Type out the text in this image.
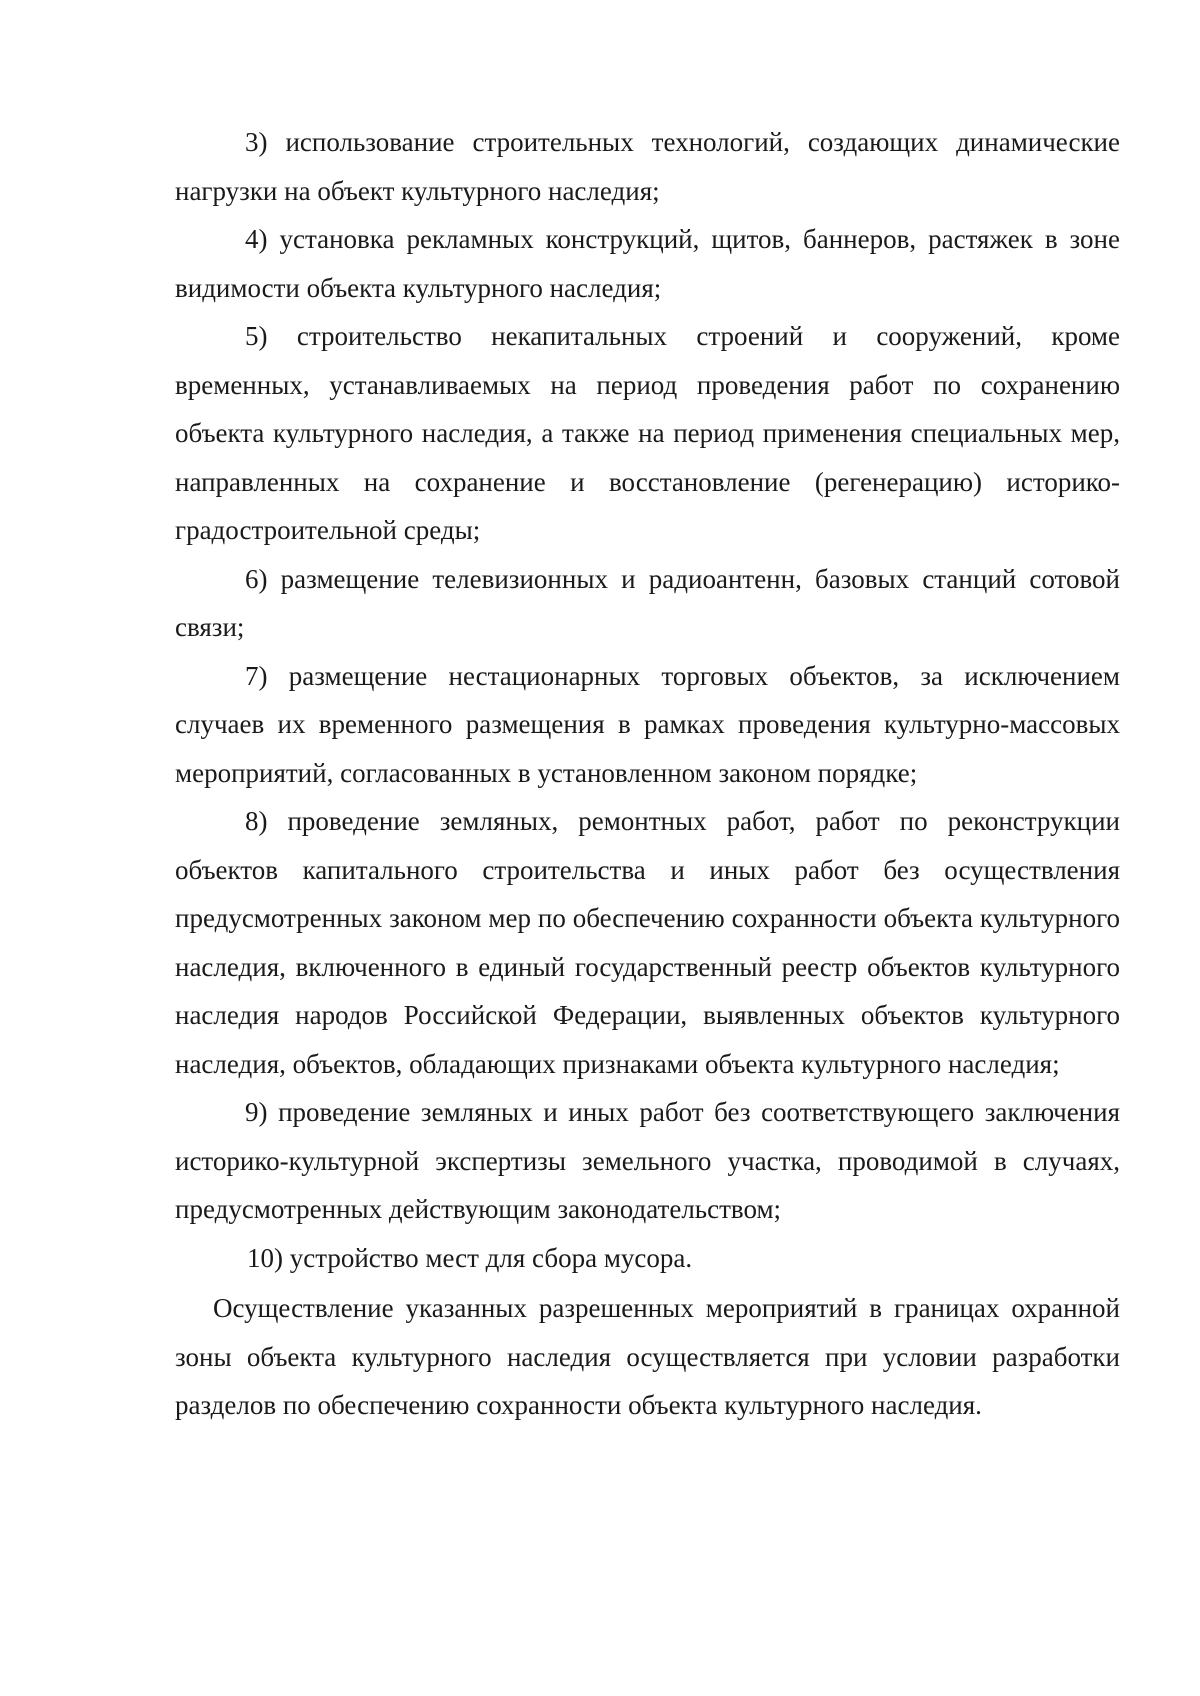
3) использование строительных технологий, создающих динамические нагрузки на объект культурного наследия;

4) установка рекламных конструкций, щитов, баннеров, растяжек в зоне видимости объекта культурного наследия;

5) строительство некапитальных строений и сооружений, кроме временных, устанавливаемых на период проведения работ по сохранению объекта культурного наследия, а также на период применения специальных мер, направленных на сохранение и восстановление (регенерацию) историко-градостроительной среды;

6) размещение телевизионных и радиоантенн, базовых станций сотовой связи;

7) размещение нестационарных торговых объектов, за исключением случаев их временного размещения в рамках проведения культурно-массовых мероприятий, согласованных в установленном законом порядке;

8) проведение земляных, ремонтных работ, работ по реконструкции объектов капитального строительства и иных работ без осуществления предусмотренных законом мер по обеспечению сохранности объекта культурного наследия, включенного в единый государственный реестр объектов культурного наследия народов Российской Федерации, выявленных объектов культурного наследия, объектов, обладающих признаками объекта культурного наследия;

9) проведение земляных и иных работ без соответствующего заключения историко-культурной экспертизы земельного участка, проводимой в случаях, предусмотренных действующим законодательством;

10) устройство мест для сбора мусора.

Осуществление указанных разрешенных мероприятий в границах охранной зоны объекта культурного наследия осуществляется при условии разработки разделов по обеспечению сохранности объекта культурного наследия.
